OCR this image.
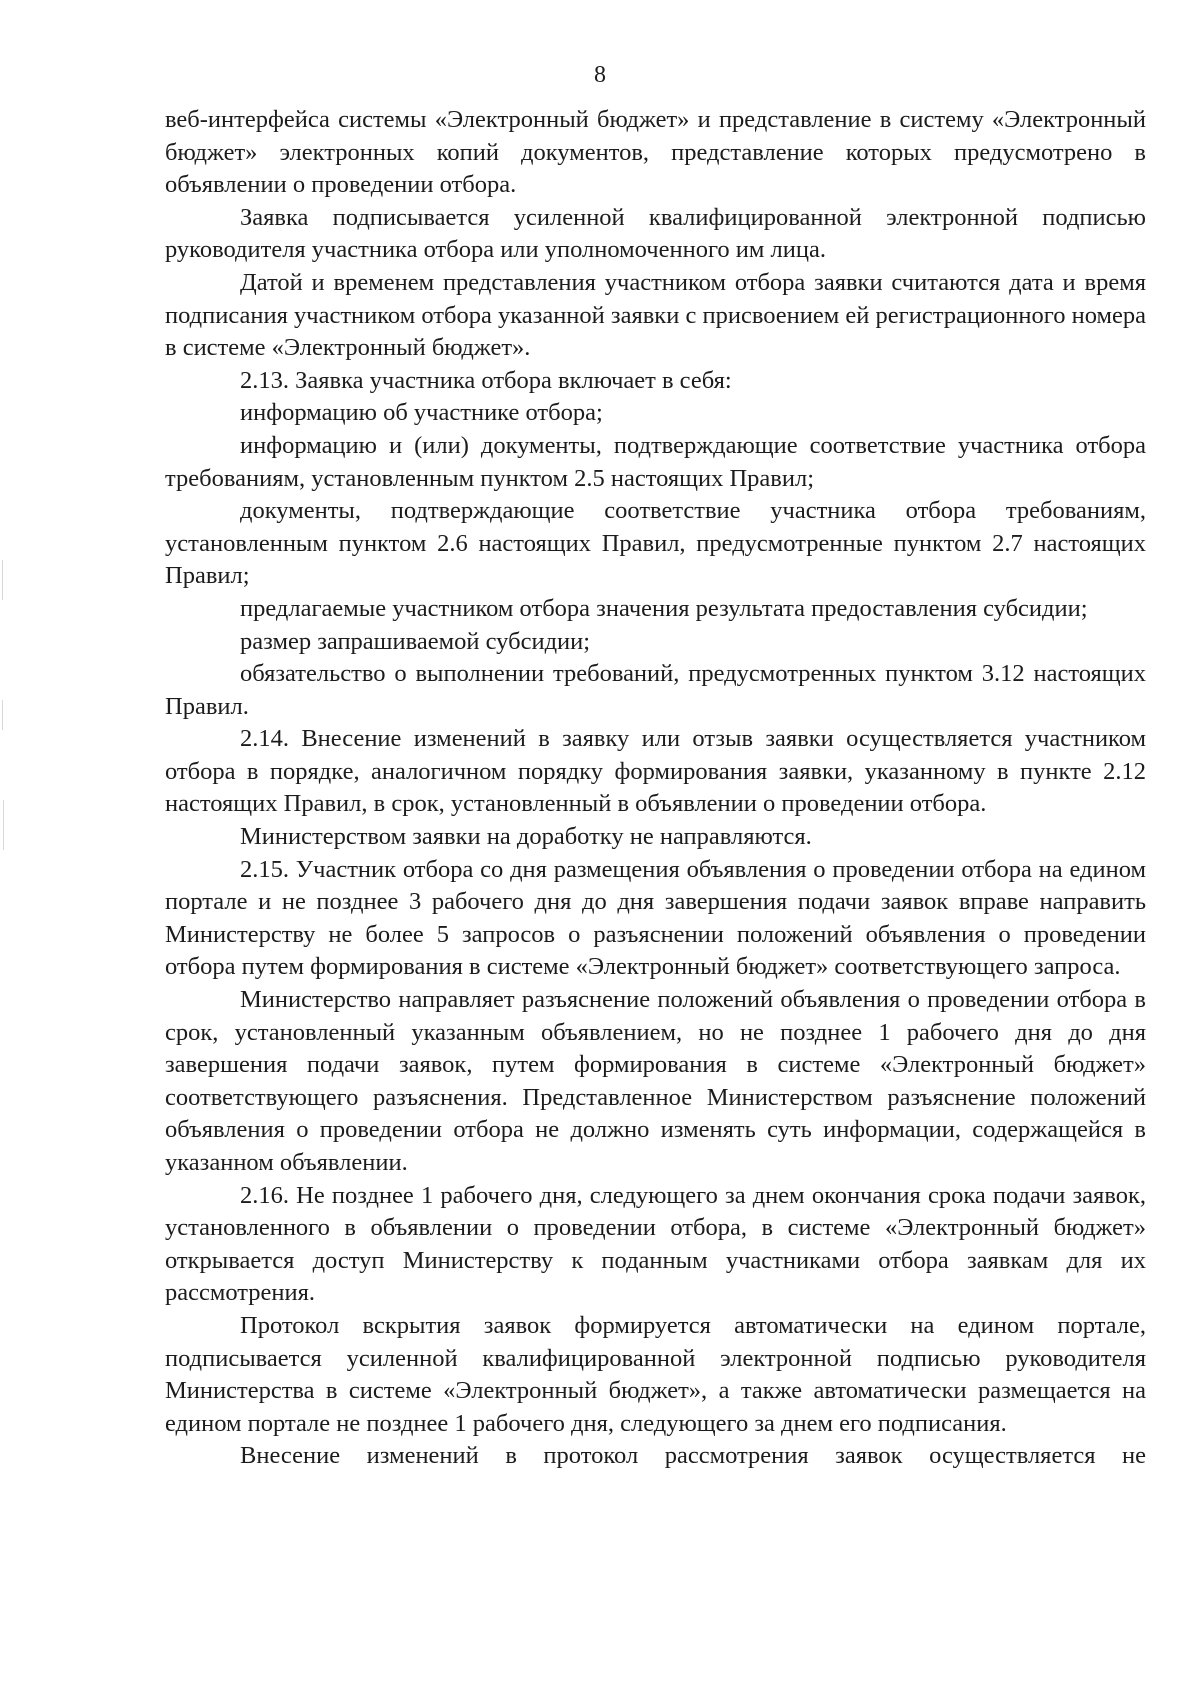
8

веб-интерфейса системы «Электронный бюджет» и представление в систему «Электронный бюджет» электронных копий документов, представление которых предусмотрено в объявлении о проведении отбора.

Заявка подписывается усиленной квалифицированной электронной подписью руководителя участника отбора или уполномоченного им лица.

Датой и временем представления участником отбора заявки считаются дата и время подписания участником отбора указанной заявки с присвоением ей регистрационного номера в системе «Электронный бюджет».

2.13. Заявка участника отбора включает в себя:

информацию об участнике отбора;

информацию и (или) документы, подтверждающие соответствие участника отбора требованиям, установленным пунктом 2.5 настоящих Правил;

документы, подтверждающие соответствие участника отбора требованиям, установленным пунктом 2.6 настоящих Правил, предусмотренные пунктом 2.7 настоящих Правил;

предлагаемые участником отбора значения результата предоставления субсидии;

размер запрашиваемой субсидии;

обязательство о выполнении требований, предусмотренных пунктом 3.12 настоящих Правил.

2.14. Внесение изменений в заявку или отзыв заявки осуществляется участником отбора в порядке, аналогичном порядку формирования заявки, указанному в пункте 2.12 настоящих Правил, в срок, установленный в объявлении о проведении отбора.

Министерством заявки на доработку не направляются.

2.15. Участник отбора со дня размещения объявления о проведении отбора на едином портале и не позднее 3 рабочего дня до дня завершения подачи заявок вправе направить Министерству не более 5 запросов о разъяснении положений объявления о проведении отбора путем формирования в системе «Электронный бюджет» соответствующего запроса.

Министерство направляет разъяснение положений объявления о проведении отбора в срок, установленный указанным объявлением, но не позднее 1 рабочего дня до дня завершения подачи заявок, путем формирования в системе «Электронный бюджет» соответствующего разъяснения. Представленное Министерством разъяснение положений объявления о проведении отбора не должно изменять суть информации, содержащейся в указанном объявлении.

2.16. Не позднее 1 рабочего дня, следующего за днем окончания срока подачи заявок, установленного в объявлении о проведении отбора, в системе «Электронный бюджет» открывается доступ Министерству к поданным участниками отбора заявкам для их рассмотрения.

Протокол вскрытия заявок формируется автоматически на едином портале, подписывается усиленной квалифицированной электронной подписью руководителя Министерства в системе «Электронный бюджет», а также автоматически размещается на едином портале не позднее 1 рабочего дня, следующего за днем его подписания.

Внесение изменений в протокол рассмотрения заявок осуществляется не
